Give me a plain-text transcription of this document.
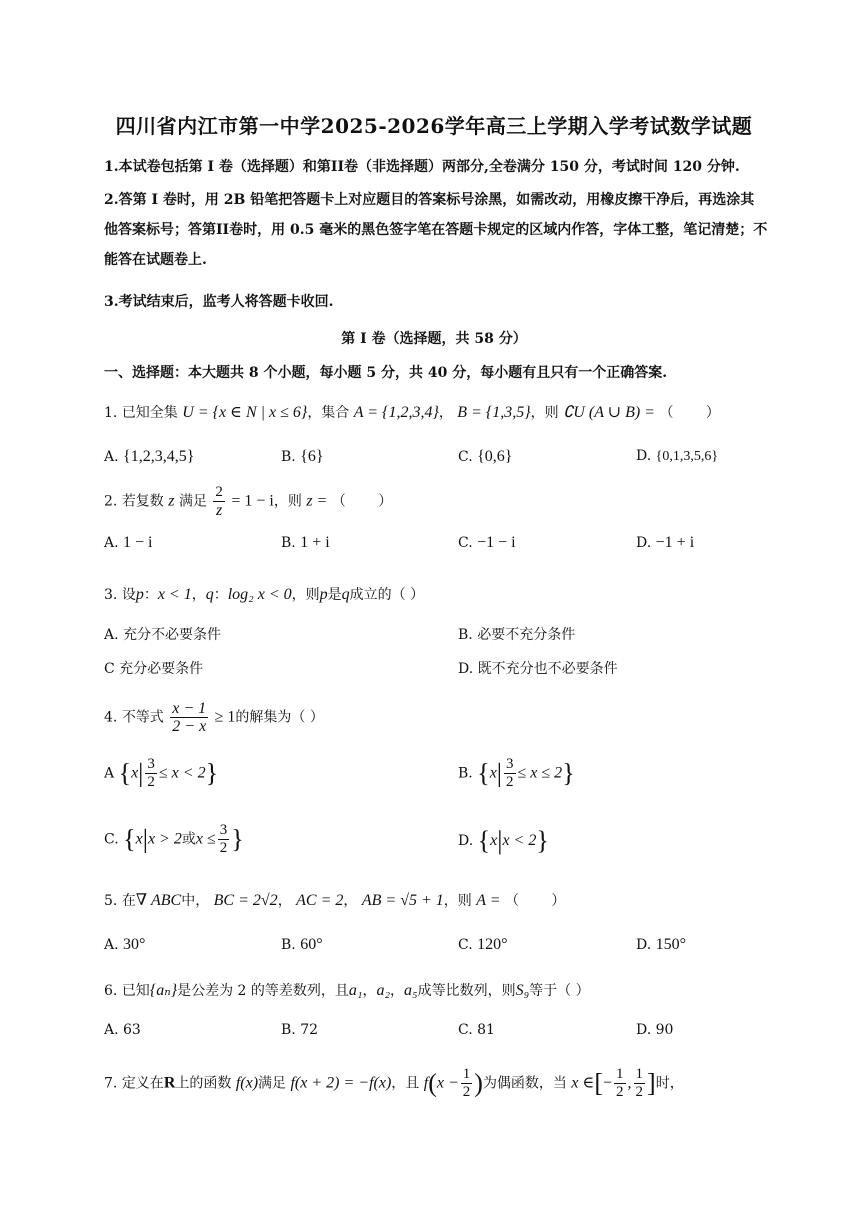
四川省内江市第一中学2025-2026学年高三上学期入学考试数学试题
1.本试卷包括第 I 卷（选择题）和第II卷（非选择题）两部分,全卷满分 150 分，考试时间 120 分钟.
2.答第 I 卷时，用 2B 铅笔把答题卡上对应题目的答案标号涂黑，如需改动，用橡皮擦干净后，再选涂其他答案标号；答第II卷时，用 0.5 毫米的黑色签字笔在答题卡规定的区域内作答，字体工整，笔记清楚；不能答在试题卷上.
3.考试结束后，监考人将答题卡收回.
第 I 卷（选择题，共 58 分）
一、选择题：本大题共 8 个小题，每小题 5 分，共 40 分，每小题有且只有一个正确答案.
1. 已知全集 U = {x ∈ N | x ≤ 6}，集合 A = {1,2,3,4}， B = {1,3,5}，则 ∁U (A ∪ B) = （ ）
A. {1,2,3,4,5}	B. {6}	C. {0,6}	D. {0,1,3,5,6}
2. 若复数 z 满足 $\frac{2}{z} = 1 - i$，则 z = （ ）
A. 1 − i	B. 1 + i	C. −1 − i	D. −1 + i
3. 设p：x < 1，q：log₂ x < 0，则p是q成立的（ ）
A. 充分不必要条件	B. 必要不充分条件
C 充分必要条件	D. 既不充分也不必要条件
4. 不等式 $\frac{x - 1}{2 - x} \ge 1$的解集为（ ）
A $\{x| \frac{3}{2} \le x < 2\}$	B. $\{x| \frac{3}{2} \le x \le 2\}$
C. {x|x > 2或$x \le \frac{3}{2}$ }	D. {x|x < 2}
5. 在∇ ABC中， BC = 2√2， AC = 2， AB = √5 + 1，则 A = （ ）
A. 30°	B. 60°	C. 120°	D. 150°
6. 已知{aₙ}是公差为 2 的等差数列，且a₁，a₂，a₅成等比数列，则S₉等于（ ）
A. 63	B. 72	C. 81	D. 90
7. 定义在R上的函数 f(x)满足 f(x + 2) = −f(x)，且 $f(x - \frac{1}{2}$ )为偶函数，当 x ∈[− $\frac{1}{2}$ , $\frac{1}{2}$ ]时，
